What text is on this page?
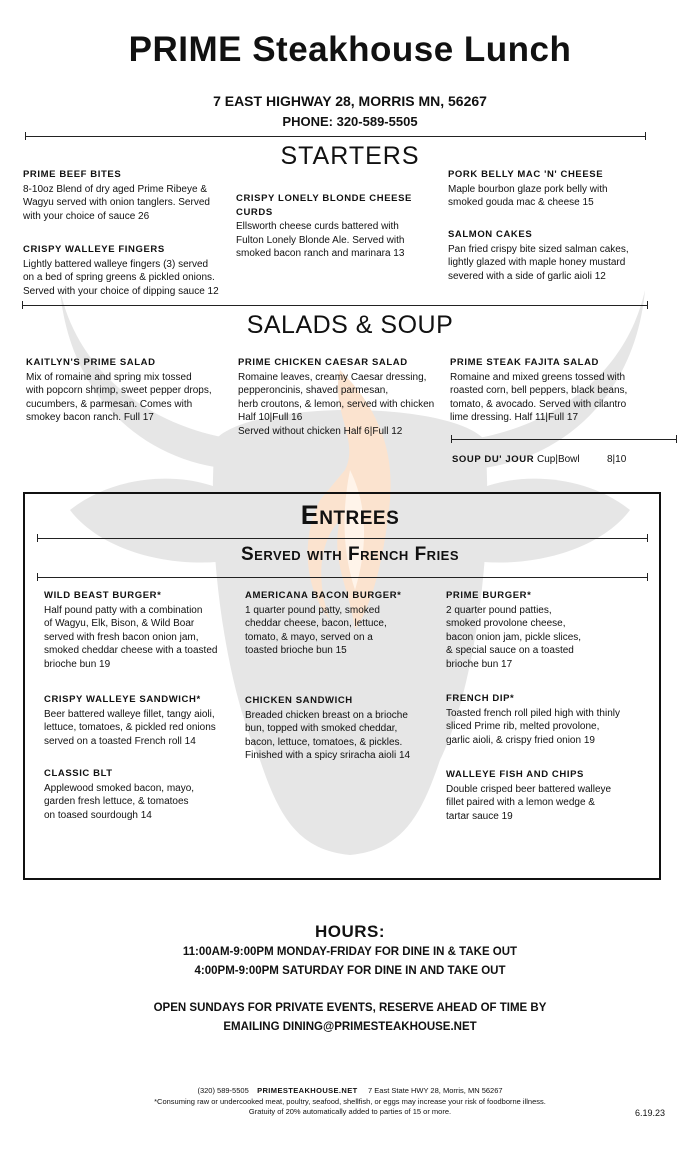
PRIME Steakhouse Lunch
7 EAST HIGHWAY 28, MORRIS MN, 56267
PHONE: 320-589-5505
STARTERS
PRIME BEEF BITES
8-10oz Blend of dry aged Prime Ribeye &
Wagyu served with onion tanglers. Served
with your choice of sauce 26
CRISPY WALLEYE FINGERS
Lightly battered walleye fingers (3) served
on a bed of spring greens & pickled onions.
Served with your choice of dipping sauce 12
CRISPY LONELY BLONDE CHEESE CURDS
Ellsworth cheese curds battered with
Fulton Lonely Blonde Ale. Served with
smoked bacon ranch and marinara 13
PORK BELLY MAC 'N' CHEESE
Maple bourbon glaze pork belly with
smoked gouda mac & cheese 15
SALMON CAKES
Pan fried crispy bite sized salman cakes,
lightly glazed with maple honey mustard
severed with a side of garlic aioli 12
SALADS & SOUP
KAITLYN'S PRIME SALAD
Mix of romaine and spring mix tossed
with popcorn shrimp, sweet pepper drops,
cucumbers, & parmesan. Comes with
smokey bacon ranch. Full 17
PRIME CHICKEN CAESAR SALAD
Romaine leaves, creamy Caesar dressing,
pepperoncinis, shaved parmesan,
herb croutons, & lemon, served with chicken
Half 10|Full 16
Served without chicken Half 6|Full 12
PRIME STEAK FAJITA SALAD
Romaine and mixed greens tossed with
roasted corn, bell peppers, black beans,
tomato, & avocado. Served with cilantro
lime dressing. Half 11|Full 17
SOUP DU' JOUR Cup|Bowl	8|10
Entrees
Served with French Fries
WILD BEAST BURGER*
Half pound patty with a combination
of Wagyu, Elk, Bison, & Wild Boar
served with fresh bacon onion jam,
smoked cheddar cheese with a toasted
brioche bun 19
AMERICANA BACON BURGER*
1 quarter pound patty, smoked
cheddar cheese, bacon, lettuce,
tomato, & mayo, served on a
toasted brioche bun 15
PRIME BURGER*
2 quarter pound patties,
smoked provolone cheese,
bacon onion jam, pickle slices,
& special sauce on a toasted
brioche bun 17
CRISPY WALLEYE SANDWICH*
Beer battered walleye fillet, tangy aioli,
lettuce, tomatoes, & pickled red onions
served on a toasted French roll 14
CHICKEN SANDWICH
Breaded chicken breast on a brioche
bun, topped with smoked cheddar,
bacon, lettuce, tomatoes, & pickles.
Finished with a spicy sriracha aioli 14
FRENCH DIP*
Toasted french roll piled high with thinly
sliced Prime rib, melted provolone,
garlic aioli, & crispy fried onion 19
CLASSIC BLT
Applewood smoked bacon, mayo,
garden fresh lettuce, & tomatoes
on toased sourdough 14
WALLEYE FISH AND CHIPS
Double crisped beer battered walleye
fillet paired with a lemon wedge &
tartar sauce 19
HOURS:
11:00AM-9:00PM MONDAY-FRIDAY FOR DINE IN & TAKE OUT
4:00PM-9:00PM SATURDAY FOR DINE IN AND TAKE OUT
OPEN SUNDAYS FOR PRIVATE EVENTS, RESERVE AHEAD OF TIME BY
EMAILING DINING@PRIMESTEAKHOUSE.NET
(320) 589-5505 PRIMESTEAKHOUSE.NET 7 East State HWY 28, Morris, MN 56267
*Consuming raw or undercooked meat, poultry, seafood, shellfish, or eggs may increase your risk of foodborne illness.
Gratuity of 20% automatically added to parties of 15 or more.	6.19.23
